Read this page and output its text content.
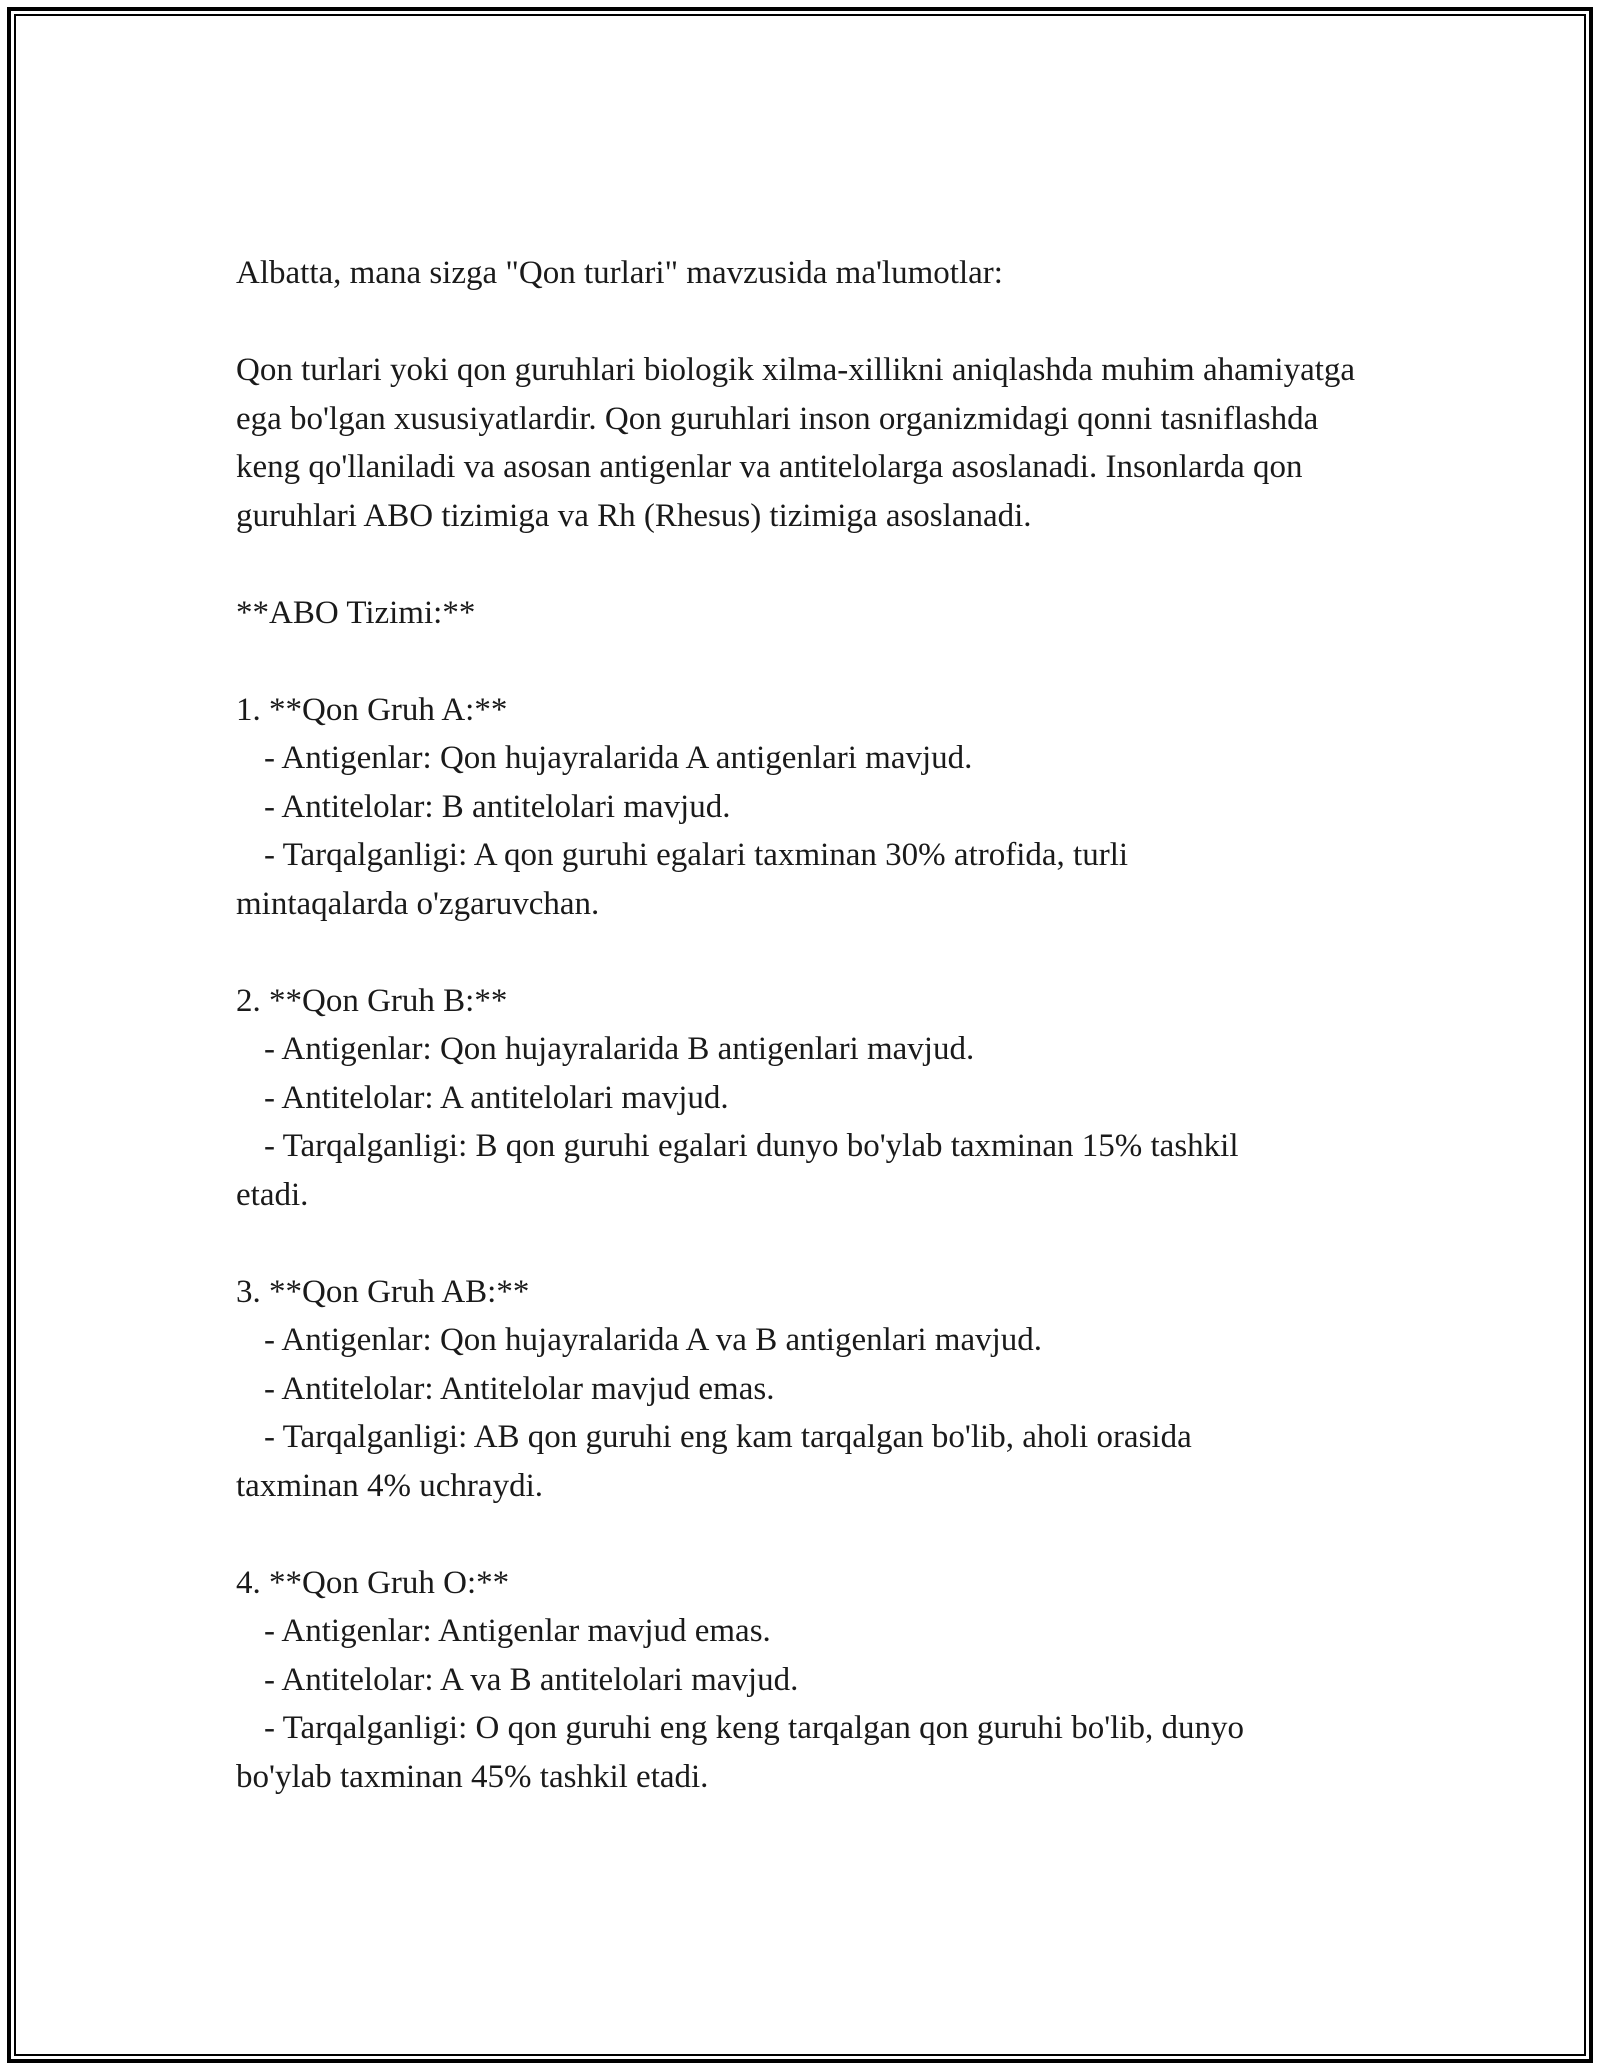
Albatta, mana sizga "Qon turlari" mavzusida ma'lumotlar:

Qon turlari yoki qon guruhlari biologik xilma-xillikni aniqlashda muhim ahamiyatga ega bo'lgan xususiyatlardir. Qon guruhlari inson organizmidagi qonni tasniflashda keng qo'llaniladi va asosan antigenlar va antitelolarga asoslanadi. Insonlarda qon guruhlari ABO tizimiga va Rh (Rhesus) tizimiga asoslanadi.

**ABO Tizimi:**

1. **Qon Gruh A:**

- Antigenlar: Qon hujayralarida A antigenlari mavjud.

- Antitelolar: B antitelolari mavjud.

- Tarqalganligi: A qon guruhi egalari taxminan 30% atrofida, turli

mintaqalarda o'zgaruvchan.

2. **Qon Gruh B:**

- Antigenlar: Qon hujayralarida B antigenlari mavjud.

- Antitelolar: A antitelolari mavjud.

- Tarqalganligi: B qon guruhi egalari dunyo bo'ylab taxminan 15% tashkil

etadi.

3. **Qon Gruh AB:**

- Antigenlar: Qon hujayralarida A va B antigenlari mavjud.

- Antitelolar: Antitelolar mavjud emas.

- Tarqalganligi: AB qon guruhi eng kam tarqalgan bo'lib, aholi orasida

taxminan 4% uchraydi.

4. **Qon Gruh O:**

- Antigenlar: Antigenlar mavjud emas.

- Antitelolar: A va B antitelolari mavjud.

- Tarqalganligi: O qon guruhi eng keng tarqalgan qon guruhi bo'lib, dunyo

bo'ylab taxminan 45% tashkil etadi.
